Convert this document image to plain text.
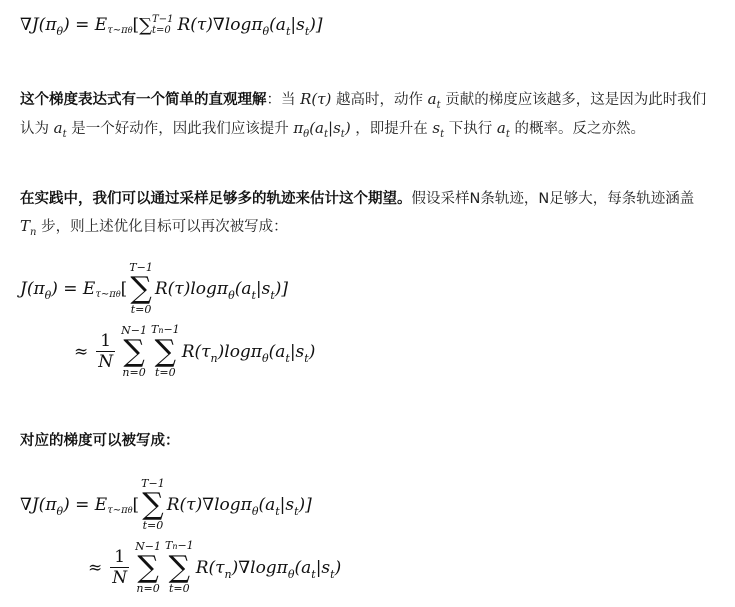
$\nabla J(\pi_\theta$ ) = E τ∼πθ [ ∑ T−1
t=0 $R(\tau)\nabla\log\pi_\theta(a_t|s_t)$]
这个梯度表达式有一个简单的直观理解：当 R(τ) 越高时，动作 $a_t$ 贡献的梯度应该越多，这是因为此时我们认为 $a_t$ 是一个好动作，因此我们应该提升 $\pi_\theta(a_t|s_t)$ ，即提升在 $s_t$ 下执行 $a_t$ 的概率。反之亦然。
在实践中，我们可以通过采样足够多的轨迹来估计这个期望。假设采样N条轨迹，N足够大，每条轨迹涵盖 $T_n$ 步，则上述优化目标可以再次被写成：
$J(\pi_\theta$ ) = E τ∼πθ [
T−1
∑
t=0
$R(\tau)\log\pi_\theta(a_t|s_t)$]
≈ $\frac{1}{N}$
N−1
∑
n=0
Tn−1
∑
t=0
$R(\tau_n)\log\pi_\theta(a_t|s_t)$
对应的梯度可以被写成：
$\nabla J(\pi_\theta$ ) = E τ∼πθ [
T−1
∑
t=0
$R(\tau)\nabla\log\pi_\theta(a_t|s_t)$]
≈ $\frac{1}{N}$
N−1
∑
n=0
Tn−1
∑
t=0
$R(\tau_n)\nabla\log\pi_\theta(a_t|s_t)$
